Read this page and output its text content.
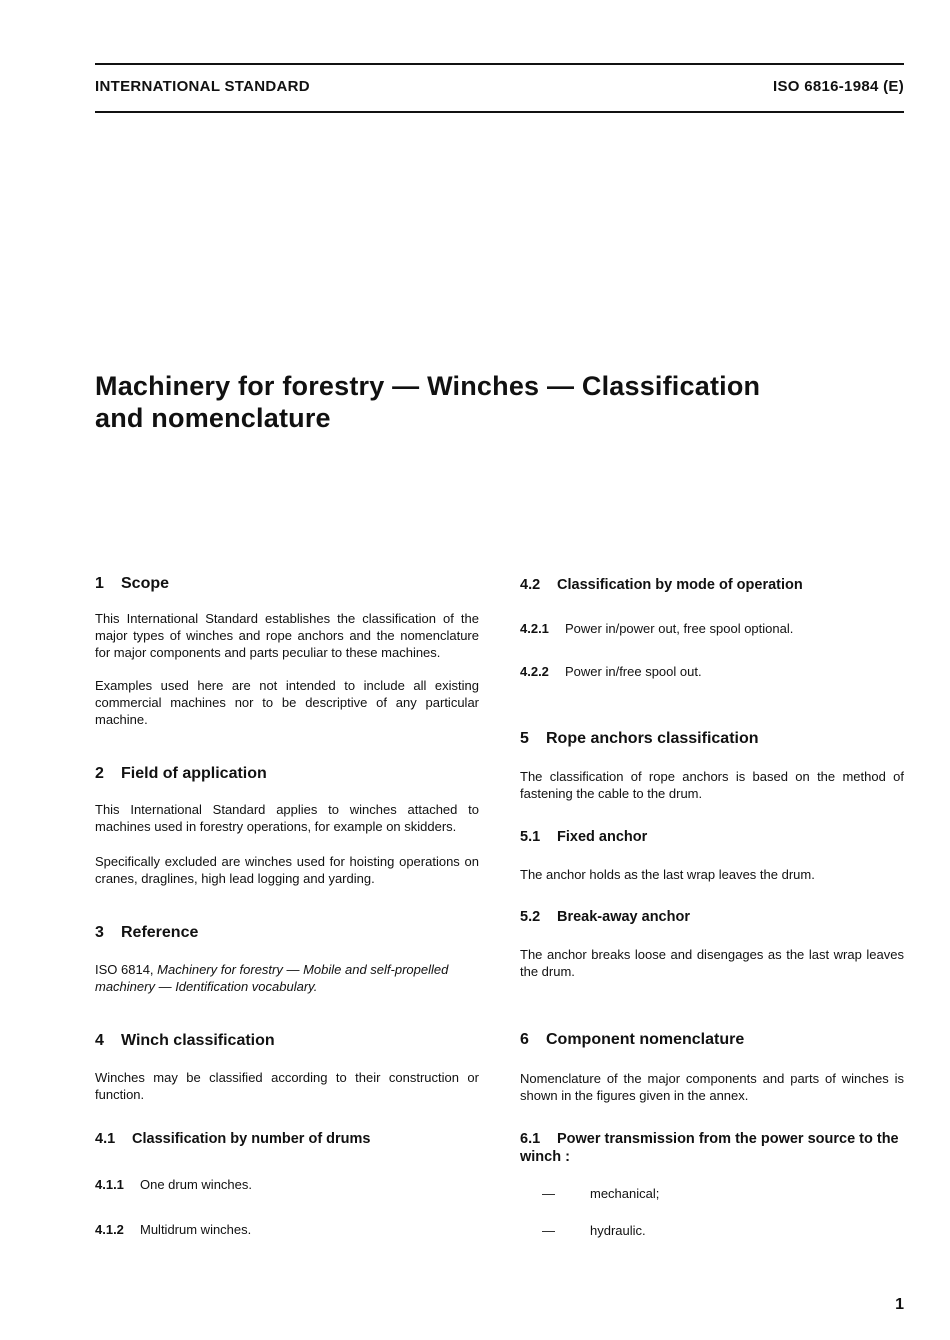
INTERNATIONAL STANDARD	ISO 6816-1984 (E)
Machinery for forestry — Winches — Classification
and nomenclature
1 Scope
This International Standard establishes the classification of the major types of winches and rope anchors and the nomenclature for major components and parts peculiar to these machines.
Examples used here are not intended to include all existing commercial machines nor to be descriptive of any particular machine.
2 Field of application
This International Standard applies to winches attached to machines used in forestry operations, for example on skidders.
Specifically excluded are winches used for hoisting operations on cranes, draglines, high lead logging and yarding.
3 Reference
ISO 6814, Machinery for forestry — Mobile and self-propelled machinery — Identification vocabulary.
4 Winch classification
Winches may be classified according to their construction or function.
4.1 Classification by number of drums
4.1.1 One drum winches.
4.1.2 Multidrum winches.
4.2 Classification by mode of operation
4.2.1 Power in/power out, free spool optional.
4.2.2 Power in/free spool out.
5 Rope anchors classification
The classification of rope anchors is based on the method of fastening the cable to the drum.
5.1 Fixed anchor
The anchor holds as the last wrap leaves the drum.
5.2 Break-away anchor
The anchor breaks loose and disengages as the last wrap leaves the drum.
6 Component nomenclature
Nomenclature of the major components and parts of winches is shown in the figures given in the annex.
6.1 Power transmission from the power source to the winch :
—	mechanical;
—	hydraulic.
1
